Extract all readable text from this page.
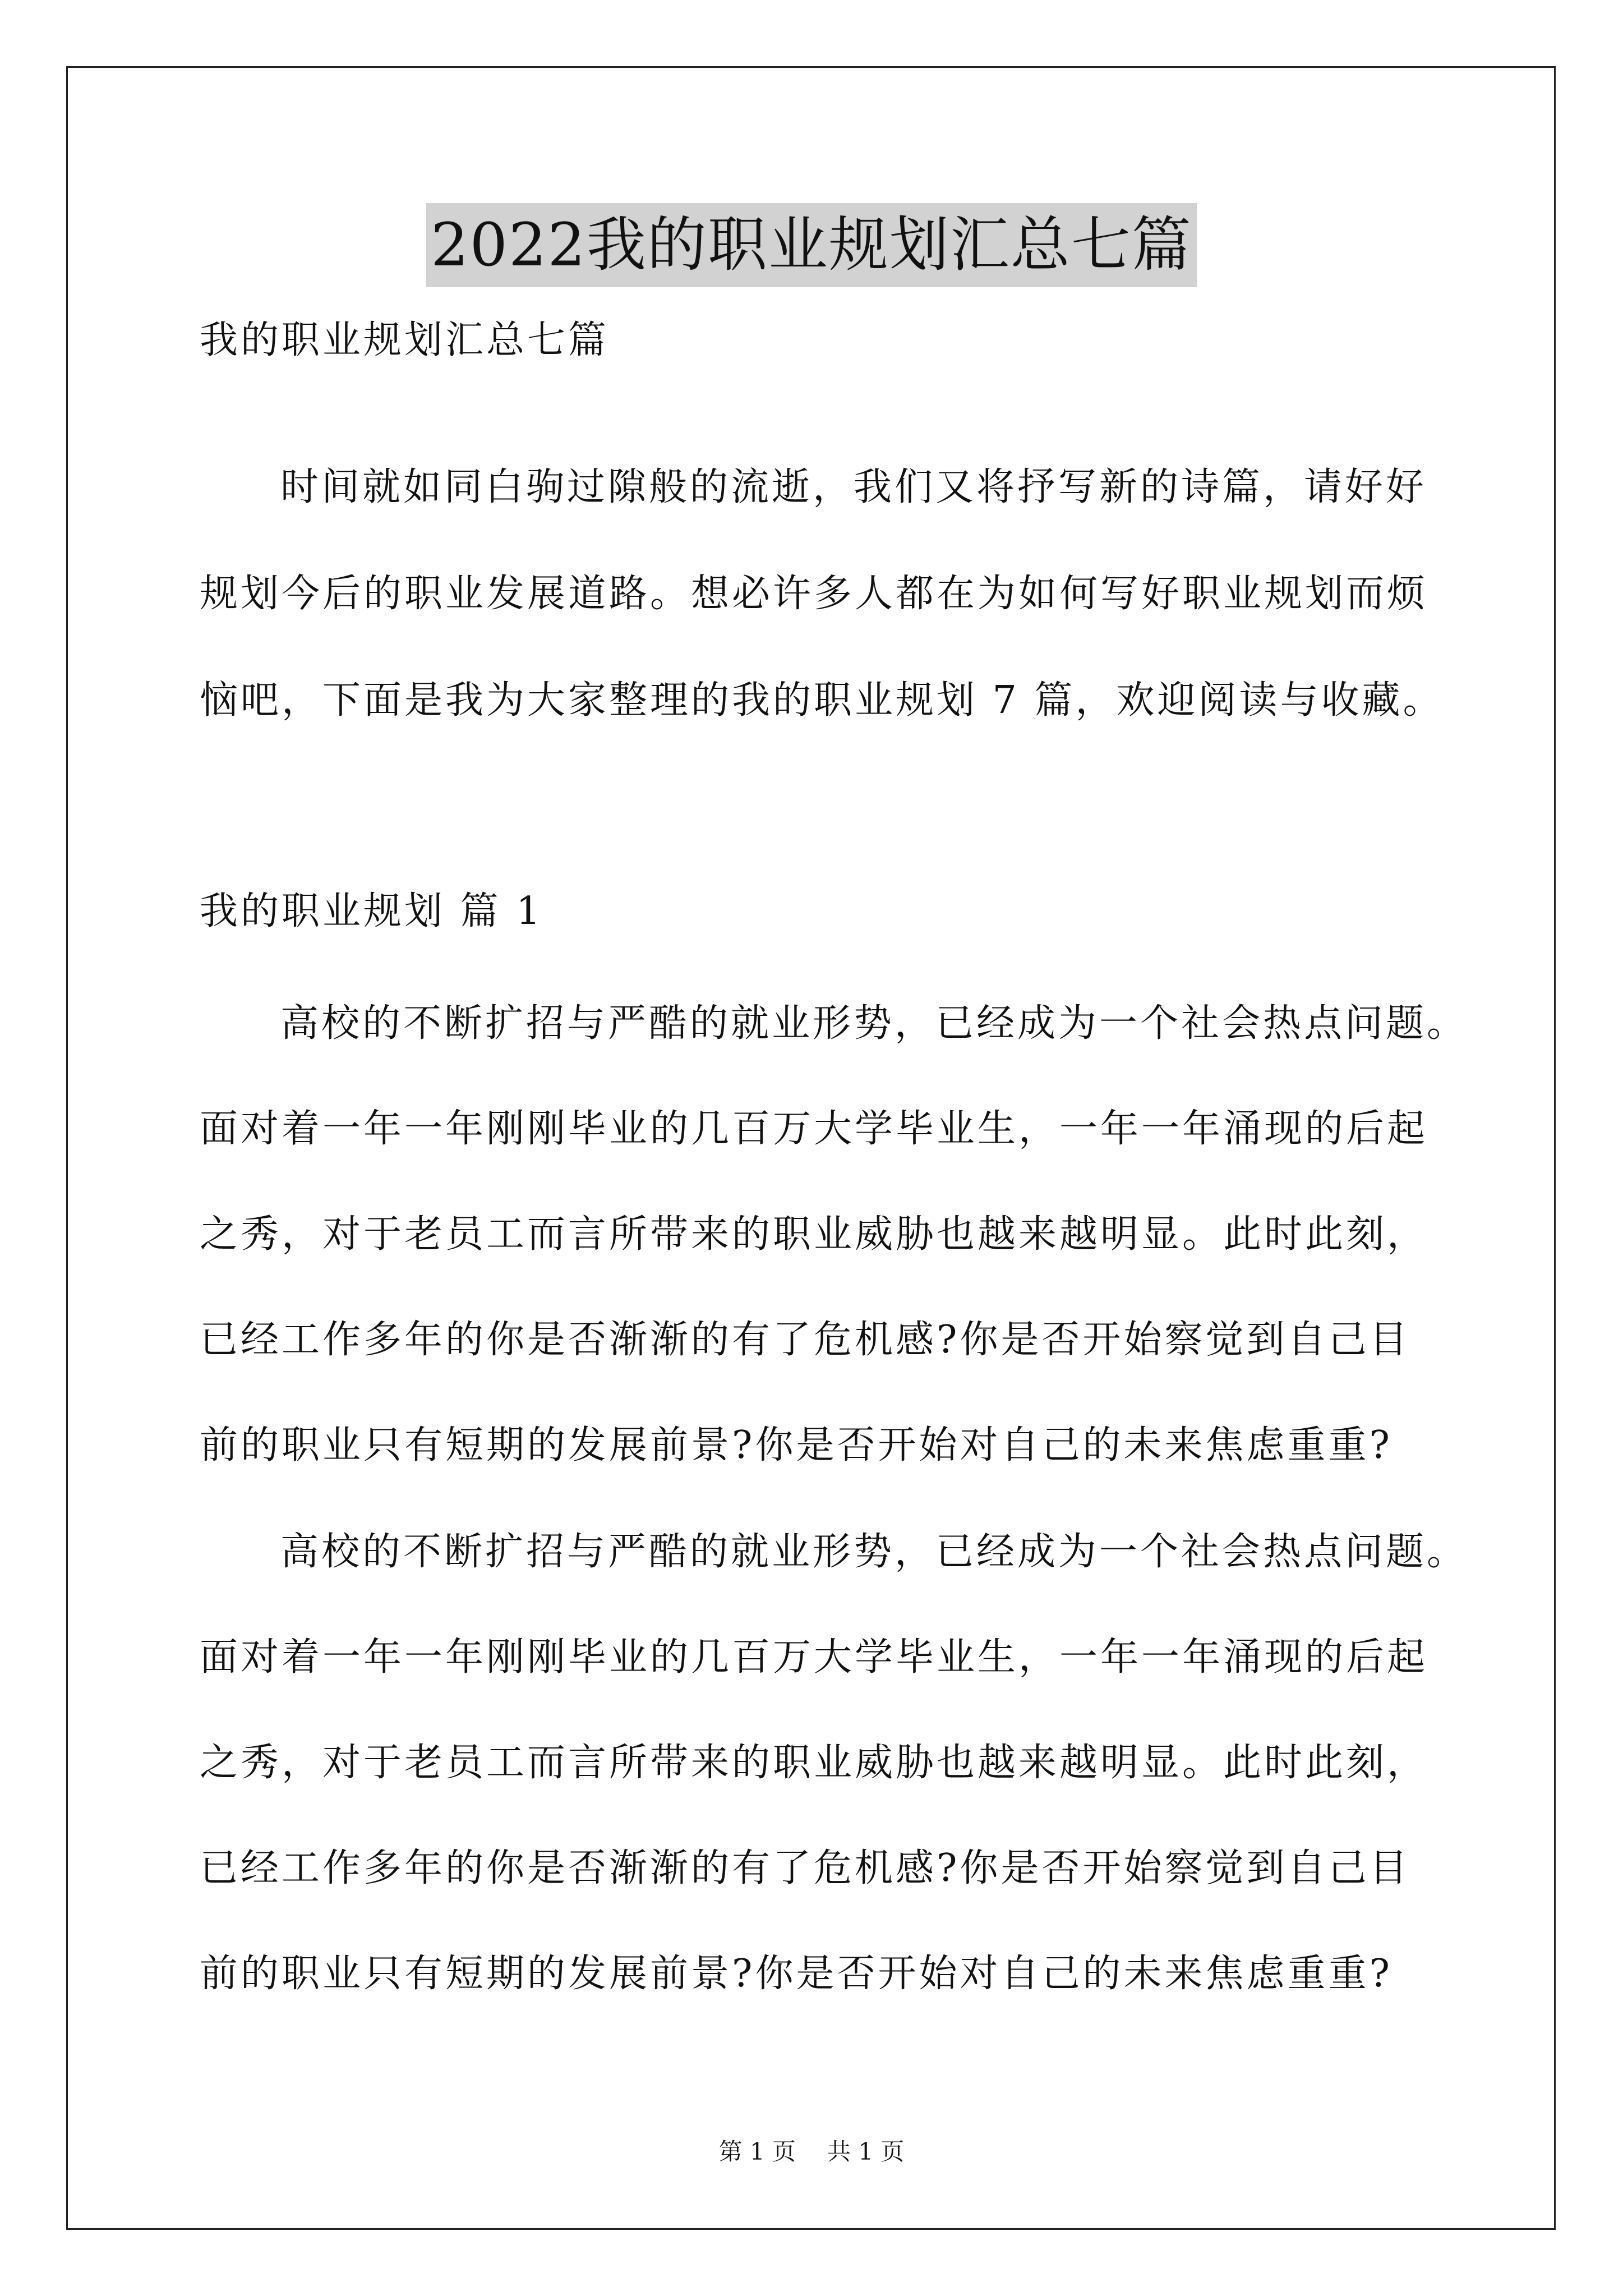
2022我的职业规划汇总七篇
我的职业规划汇总七篇
时间就如同白驹过隙般的流逝，我们又将抒写新的诗篇，请好好
规划今后的职业发展道路。想必许多人都在为如何写好职业规划而烦
恼吧，下面是我为大家整理的我的职业规划 7 篇，欢迎阅读与收藏。
我的职业规划 篇 1
高校的不断扩招与严酷的就业形势，已经成为一个社会热点问题。
面对着一年一年刚刚毕业的几百万大学毕业生，一年一年涌现的后起
之秀，对于老员工而言所带来的职业威胁也越来越明显。此时此刻，
已经工作多年的你是否渐渐的有了危机感?你是否开始察觉到自己目
前的职业只有短期的发展前景?你是否开始对自己的未来焦虑重重?
高校的不断扩招与严酷的就业形势，已经成为一个社会热点问题。
面对着一年一年刚刚毕业的几百万大学毕业生，一年一年涌现的后起
之秀，对于老员工而言所带来的职业威胁也越来越明显。此时此刻，
已经工作多年的你是否渐渐的有了危机感?你是否开始察觉到自己目
前的职业只有短期的发展前景?你是否开始对自己的未来焦虑重重?
第 1 页 共 1 页
